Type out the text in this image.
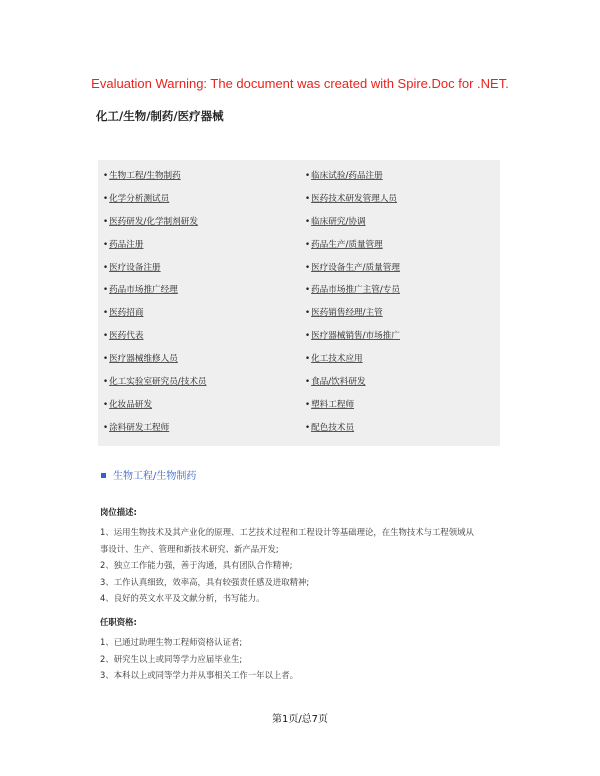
Evaluation Warning: The document was created with Spire.Doc for .NET.
化工/生物/制药/医疗器械
•生物工程/生物制药
•化学分析测试员
•医药研发/化学制剂研发
•药品注册
•医疗设备注册
•药品市场推广经理
•医药招商
•医药代表
•医疗器械维修人员
•化工实验室研究员/技术员
•化妆品研发
•涂料研发工程师
•临床试验/药品注册
•医药技术研发管理人员
•临床研究/协调
•药品生产/质量管理
•医疗设备生产/质量管理
•药品市场推广主管/专员
•医药销售经理/主管
•医疗器械销售/市场推广
•化工技术应用
•食品/饮料研发
•塑料工程师
•配色技术员
生物工程/生物制药
岗位描述:
1、运用生物技术及其产业化的原理、工艺技术过程和工程设计等基础理论，在生物技术与工程领域从
事设计、生产、管理和新技术研究、新产品开发;
2、独立工作能力强，善于沟通，具有团队合作精神;
3、工作认真细致，效率高，具有较强责任感及进取精神;
4、良好的英文水平及文献分析，书写能力。
任职资格:
1、已通过助理生物工程师资格认证者;
2、研究生以上或同等学力应届毕业生;
3、本科以上或同等学力并从事相关工作一年以上者。
第1页/总7页
